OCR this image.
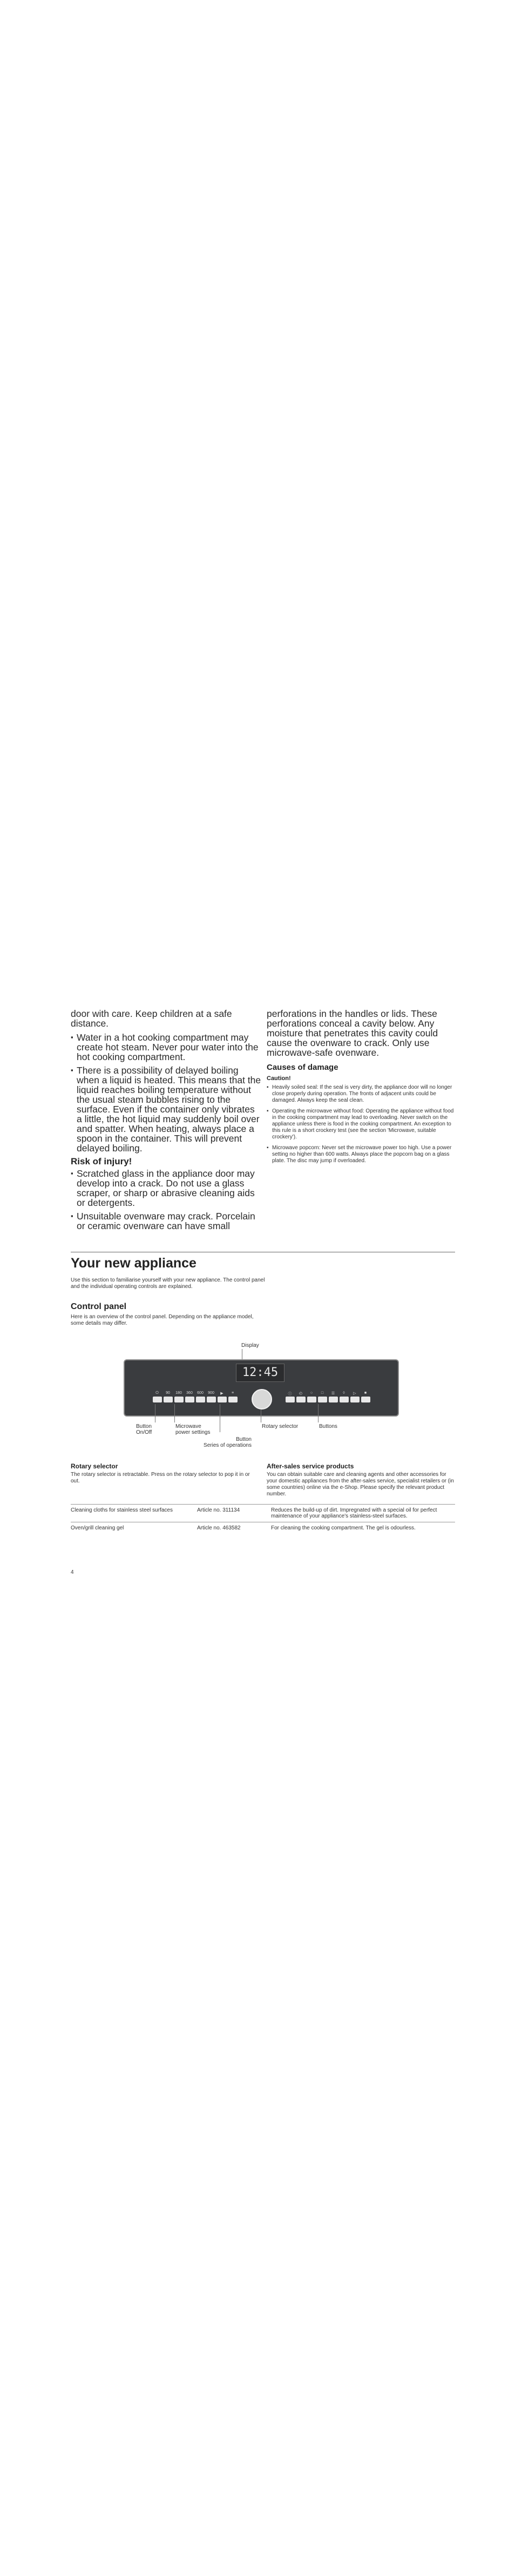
door with care. Keep children at a safe distance.

▪ Water in a hot cooking compartment may create hot steam. Never pour water into the hot cooking compartment.
▪ There is a possibility of delayed boiling when a liquid is heated. This means that the liquid reaches boiling temperature without the usual steam bubbles rising to the surface. Even if the container only vibrates a little, the hot liquid may suddenly boil over and spatter. When heating, always place a spoon in the container. This will prevent delayed boiling.
Risk of injury!
▪ Scratched glass in the appliance door may develop into a crack. Do not use a glass scraper, or sharp or abrasive cleaning aids or detergents.
▪ Unsuitable ovenware may crack. Porcelain or ceramic ovenware can have small

perforations in the handles or lids. These perforations conceal a cavity below. Any moisture that penetrates this cavity could cause the ovenware to crack. Only use microwave-safe ovenware.

Causes of damage
Caution!
▪ Heavily soiled seal: If the seal is very dirty, the appliance door will no longer close properly during operation. The fronts of adjacent units could be damaged. Always keep the seal clean.
▪ Operating the microwave without food: Operating the appliance without food in the cooking compartment may lead to overloading. Never switch on the appliance unless there is food in the cooking compartment. An exception to this rule is a short crockery test (see the section 'Microwave, suitable crockery').
▪ Microwave popcorn: Never set the microwave power too high. Use a power setting no higher than 600 watts. Always place the popcorn bag on a glass plate. The disc may jump if overloaded.
Your new appliance
Use this section to familiarise yourself with your new appliance. The control panel and the individual operating controls are explained.
Control panel
Here is an overview of the control panel. Depending on the appliance model, some details may differ.
Display
12:45
⏻	90	180	360	600	900	▶	≡	ⓘ	◴	○	□	☰	◊	▷	■
Button
On/Off
Microwave
power settings
Button
Series of operations
Rotary selector	Buttons
Rotary selector
The rotary selector is retractable. Press on the rotary selector to pop it in or out.
After-sales service products
You can obtain suitable care and cleaning agents and other accessories for your domestic appliances from the after-sales service, specialist retailers or (in some countries) online via the e-Shop. Please specify the relevant product number.
Cleaning cloths for stainless steel surfaces	Article no. 311134	Reduces the build-up of dirt. Impregnated with a special oil for perfect maintenance of your appliance's stainless-steel surfaces.
Oven/grill cleaning gel	Article no. 463582	For cleaning the cooking compartment. The gel is odourless.
4
